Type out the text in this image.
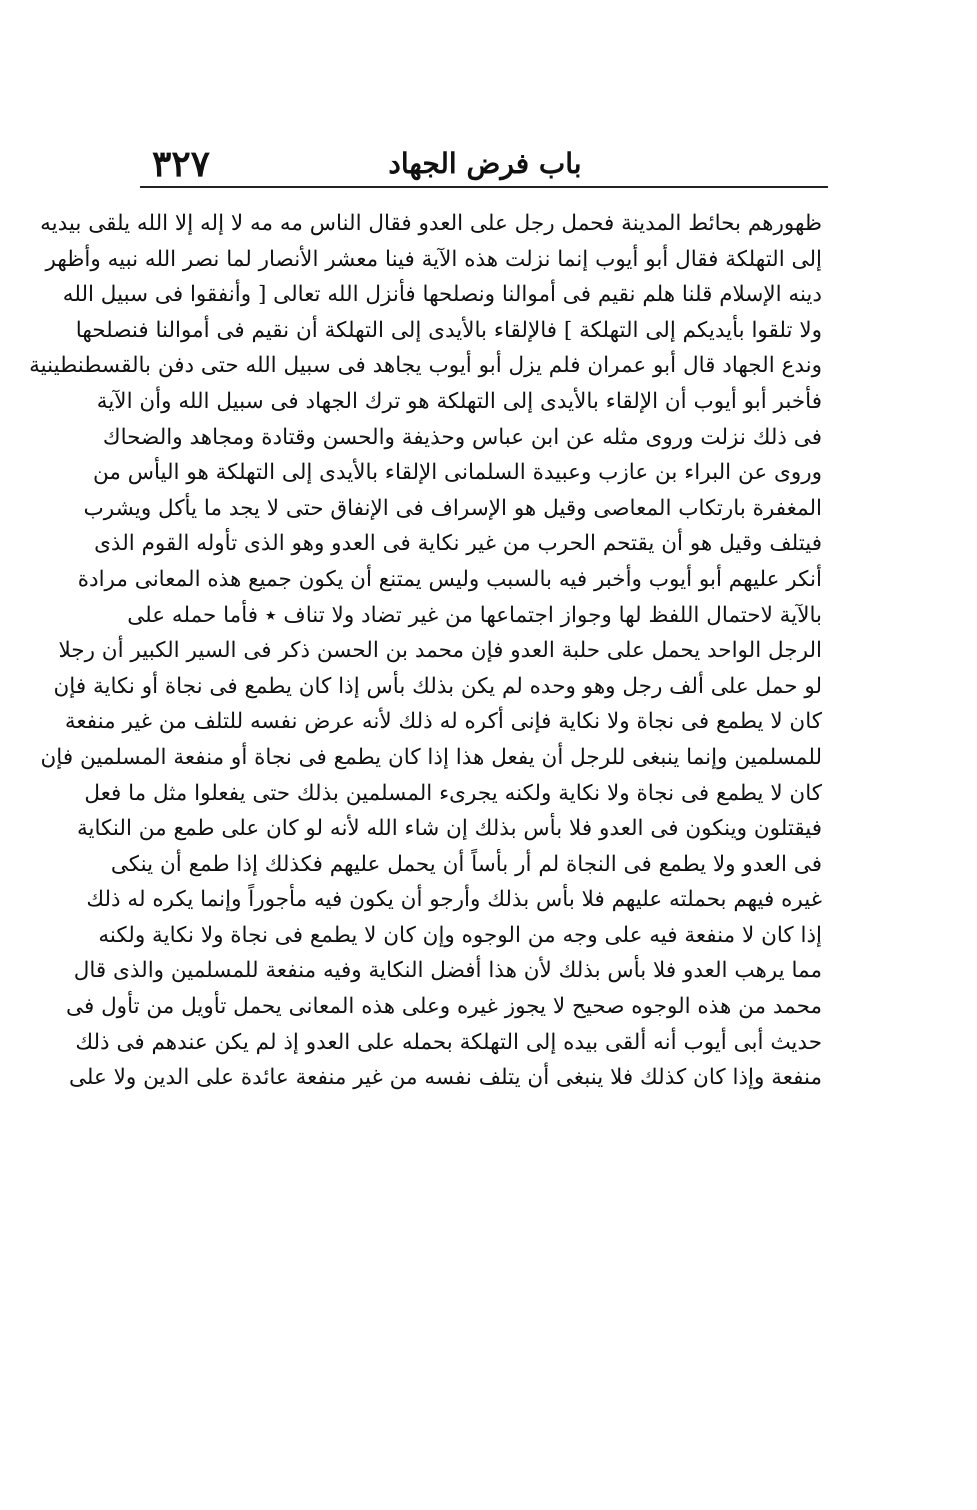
باب فرض الجهاد
٣٢٧
ظهورهم بحائط المدينة فحمل رجل على العدو فقال الناس مه مه لا إله إلا الله يلقى بيديه
إلى التهلكة فقال أبو أيوب إنما نزلت هذه الآية فينا معشر الأنصار لما نصر الله نبيه وأظهر
دينه الإسلام قلنا هلم نقيم فى أموالنا ونصلحها فأنزل الله تعالى [ وأنفقوا فى سبيل الله
ولا تلقوا بأيديكم إلى التهلكة ] فالإلقاء بالأيدى إلى التهلكة أن نقيم فى أموالنا فنصلحها
وندع الجهاد قال أبو عمران فلم يزل أبو أيوب يجاهد فى سبيل الله حتى دفن بالقسطنطينية
فأخبر أبو أيوب أن الإلقاء بالأيدى إلى التهلكة هو ترك الجهاد فى سبيل الله وأن الآية
فى ذلك نزلت وروى مثله عن ابن عباس وحذيفة والحسن وقتادة ومجاهد والضحاك
وروى عن البراء بن عازب وعبيدة السلمانى الإلقاء بالأيدى إلى التهلكة هو اليأس من
المغفرة بارتكاب المعاصى وقيل هو الإسراف فى الإنفاق حتى لا يجد ما يأكل ويشرب
فيتلف وقيل هو أن يقتحم الحرب من غير نكاية فى العدو وهو الذى تأوله القوم الذى
أنكر عليهم أبو أيوب وأخبر فيه بالسبب وليس يمتنع أن يكون جميع هذه المعانى مرادة
بالآية لاحتمال اللفظ لها وجواز اجتماعها من غير تضاد ولا تناف ٭ فأما حمله على
الرجل الواحد يحمل على حلبة العدو فإن محمد بن الحسن ذكر فى السير الكبير أن رجلا
لو حمل على ألف رجل وهو وحده لم يكن بذلك بأس إذا كان يطمع فى نجاة أو نكاية فإن
كان لا يطمع فى نجاة ولا نكاية فإنى أكره له ذلك لأنه عرض نفسه للتلف من غير منفعة
للمسلمين وإنما ينبغى للرجل أن يفعل هذا إذا كان يطمع فى نجاة أو منفعة المسلمين فإن
كان لا يطمع فى نجاة ولا نكاية ولكنه يجرىء المسلمين بذلك حتى يفعلوا مثل ما فعل
فيقتلون وينكون فى العدو فلا بأس بذلك إن شاء الله لأنه لو كان على طمع من النكاية
فى العدو ولا يطمع فى النجاة لم أر بأساً أن يحمل عليهم فكذلك إذا طمع أن ينكى
غيره فيهم بحملته عليهم فلا بأس بذلك وأرجو أن يكون فيه مأجوراً وإنما يكره له ذلك
إذا كان لا منفعة فيه على وجه من الوجوه وإن كان لا يطمع فى نجاة ولا نكاية ولكنه
مما يرهب العدو فلا بأس بذلك لأن هذا أفضل النكاية وفيه منفعة للمسلمين والذى قال
محمد من هذه الوجوه صحيح لا يجوز غيره وعلى هذه المعانى يحمل تأويل من تأول فى
حديث أبى أيوب أنه ألقى بيده إلى التهلكة بحمله على العدو إذ لم يكن عندهم فى ذلك
منفعة وإذا كان كذلك فلا ينبغى أن يتلف نفسه من غير منفعة عائدة على الدين ولا على
